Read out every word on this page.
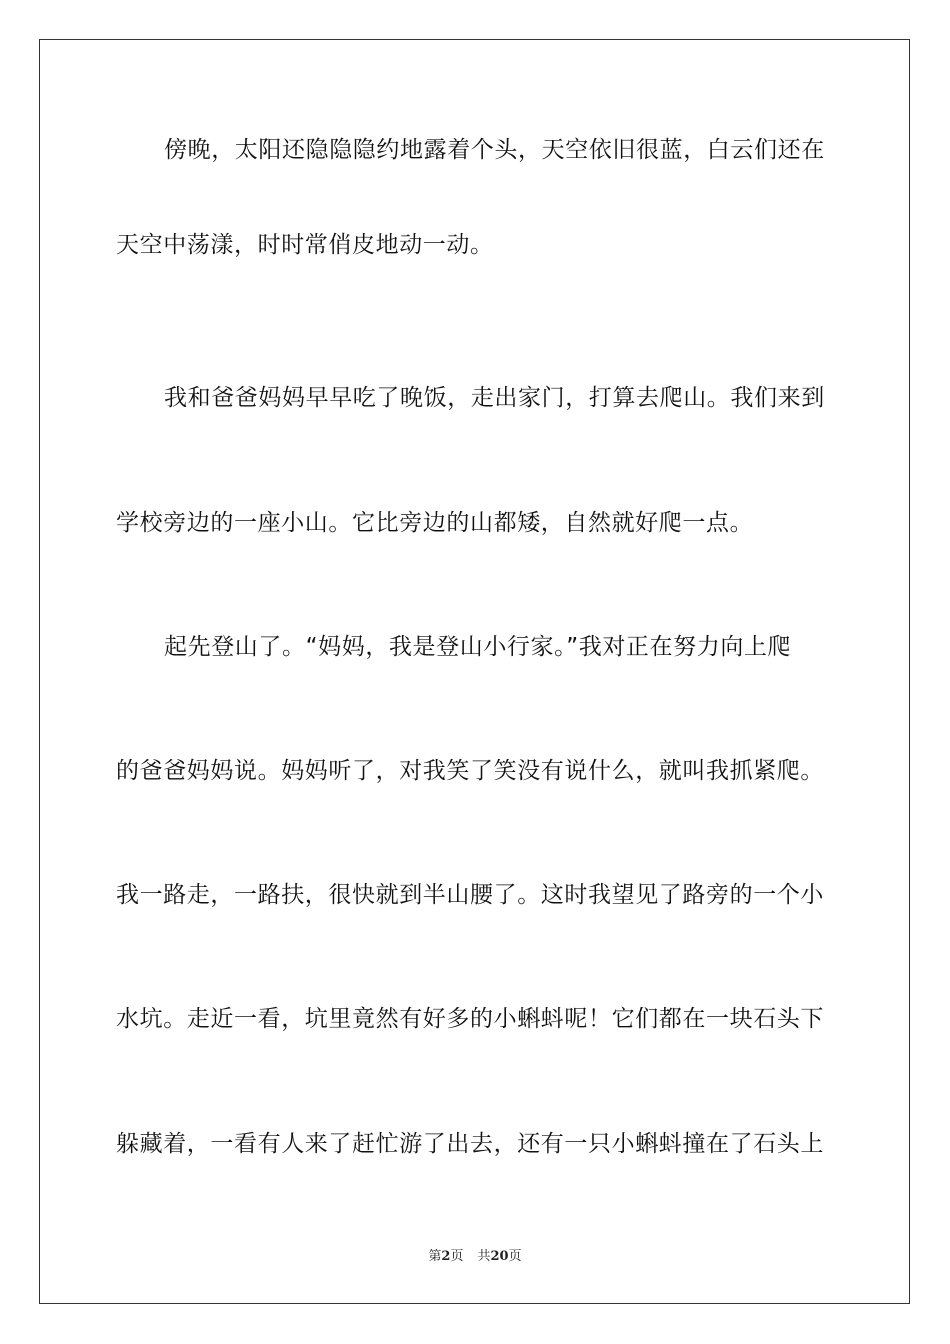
傍晚，太阳还隐隐隐约地露着个头，天空依旧很蓝，白云们还在
天空中荡漾，时时常俏皮地动一动。
我和爸爸妈妈早早吃了晚饭，走出家门，打算去爬山。我们来到
学校旁边的一座小山。它比旁边的山都矮，自然就好爬一点。
起先登山了。“妈妈，我是登山小行家。”我对正在努力向上爬
的爸爸妈妈说。妈妈听了，对我笑了笑没有说什么，就叫我抓紧爬。
我一路走，一路扶，很快就到半山腰了。这时我望见了路旁的一个小
水坑。走近一看，坑里竟然有好多的小蝌蚪呢！它们都在一块石头下
躲藏着，一看有人来了赶忙游了出去，还有一只小蝌蚪撞在了石头上
第2页 共20页
